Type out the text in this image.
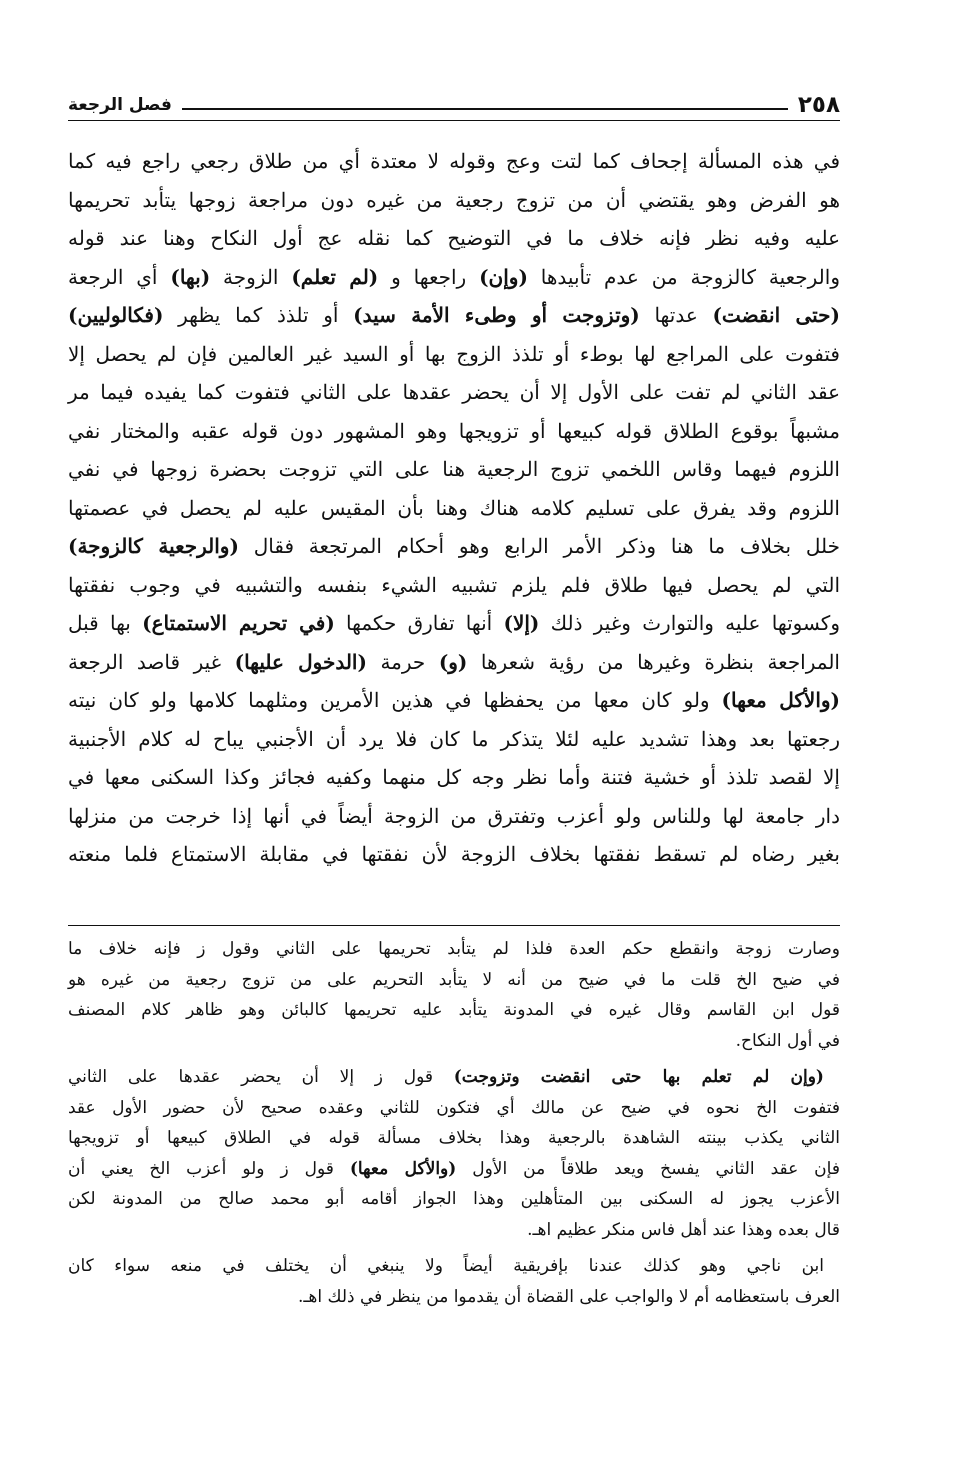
٢٥٨
فصل الرجعة
في هذه المسألة إجحاف كما لتت وعج وقوله لا معتدة أي من طلاق رجعي راجع فيه كما
هو الفرض وهو يقتضي أن من تزوج رجعية من غيره دون مراجعة زوجها يتأبد تحريمها
عليه وفيه نظر فإنه خلاف ما في التوضيح كما نقله عج أول النكاح وهنا عند قوله
والرجعية كالزوجة من عدم تأبيدها (وإن) راجعها و (لم تعلم) الزوجة (بها) أي الرجعة
(حتى انقضت) عدتها (وتزوجت أو وطىء الأمة سيد) أو تلذذ كما يظهر (فكالوليين)
فتفوت على المراجع لها بوطء أو تلذذ الزوج بها أو السيد غير العالمين فإن لم يحصل إلا
عقد الثاني لم تفت على الأول إلا أن يحضر عقدها على الثاني فتفوت كما يفيده فيما مر
مشبهاً بوقوع الطلاق قوله كبيعها أو تزويجها وهو المشهور دون قوله عقبه والمختار نفي
اللزوم فيهما وقاس اللخمي تزوج الرجعية هنا على التي تزوجت بحضرة زوجها في نفي
اللزوم وقد يفرق على تسليم كلامه هناك وهنا بأن المقيس عليه لم يحصل في عصمتها
خلل بخلاف ما هنا وذكر الأمر الرابع وهو أحكام المرتجعة فقال (والرجعية كالزوجة)
التي لم يحصل فيها طلاق فلم يلزم تشبيه الشيء بنفسه والتشبيه في وجوب نفقتها
وكسوتها عليه والتوارث وغير ذلك (إلا) أنها تفارق حكمها (في تحريم الاستمتاع) بها قبل
المراجعة بنظرة وغيرها من رؤية شعرها (و) حرمة (الدخول عليها) غير قاصد الرجعة
(والأكل معها) ولو كان معها من يحفظها في هذين الأمرين ومثلهما كلامها ولو كان نيته
رجعتها بعد وهذا تشديد عليه لئلا يتذكر ما كان فلا يرد أن الأجنبي يباح له كلام الأجنبية
إلا لقصد تلذذ أو خشية فتنة وأما نظر وجه كل منهما وكفيه فجائز وكذا السكنى معها في
دار جامعة لها وللناس ولو أعزب وتفترق من الزوجة أيضاً في أنها إذا خرجت من منزلها
بغير رضاه لم تسقط نفقتها بخلاف الزوجة لأن نفقتها في مقابلة الاستمتاع فلما منعته
وصارت زوجة وانقطع حكم العدة فلذا لم يتأبد تحريمها على الثاني وقول ز فإنه خلاف ما
في ضيح الخ قلت ما في ضيح من أنه لا يتأبد التحريم على من تزوج رجعية من غيره هو
قول ابن القاسم وقال غيره في المدونة يتأبد عليه تحريمها كالبائن وهو ظاهر كلام المصنف
في أول النكاح.
(وإن لم تعلم بها حتى انقضت وتزوجت) قول ز إلا أن يحضر عقدها على الثاني
فتفوت الخ نحوه في ضيح عن مالك أي فتكون للثاني وعقده صحيح لأن حضور الأول عقد
الثاني يكذب بينته الشاهدة بالرجعية وهذا بخلاف مسألة قوله في الطلاق كبيعها أو تزويجها
فإن عقد الثاني يفسخ ويعد طلاقاً من الأول (والأكل معها) قول ز ولو أعزب الخ يعني أن
الأعزب يجوز له السكنى بين المتأهلين وهذا الجواز أقامه أبو محمد صالح من المدونة لكن
قال بعده وهذا عند أهل فاس منكر عظيم اهـ.
ابن ناجي وهو كذلك عندنا بإفريقية أيضاً ولا ينبغي أن يختلف في منعه سواء كان
العرف باستعظامه أم لا والواجب على القضاة أن يقدموا من ينظر في ذلك اهـ.
